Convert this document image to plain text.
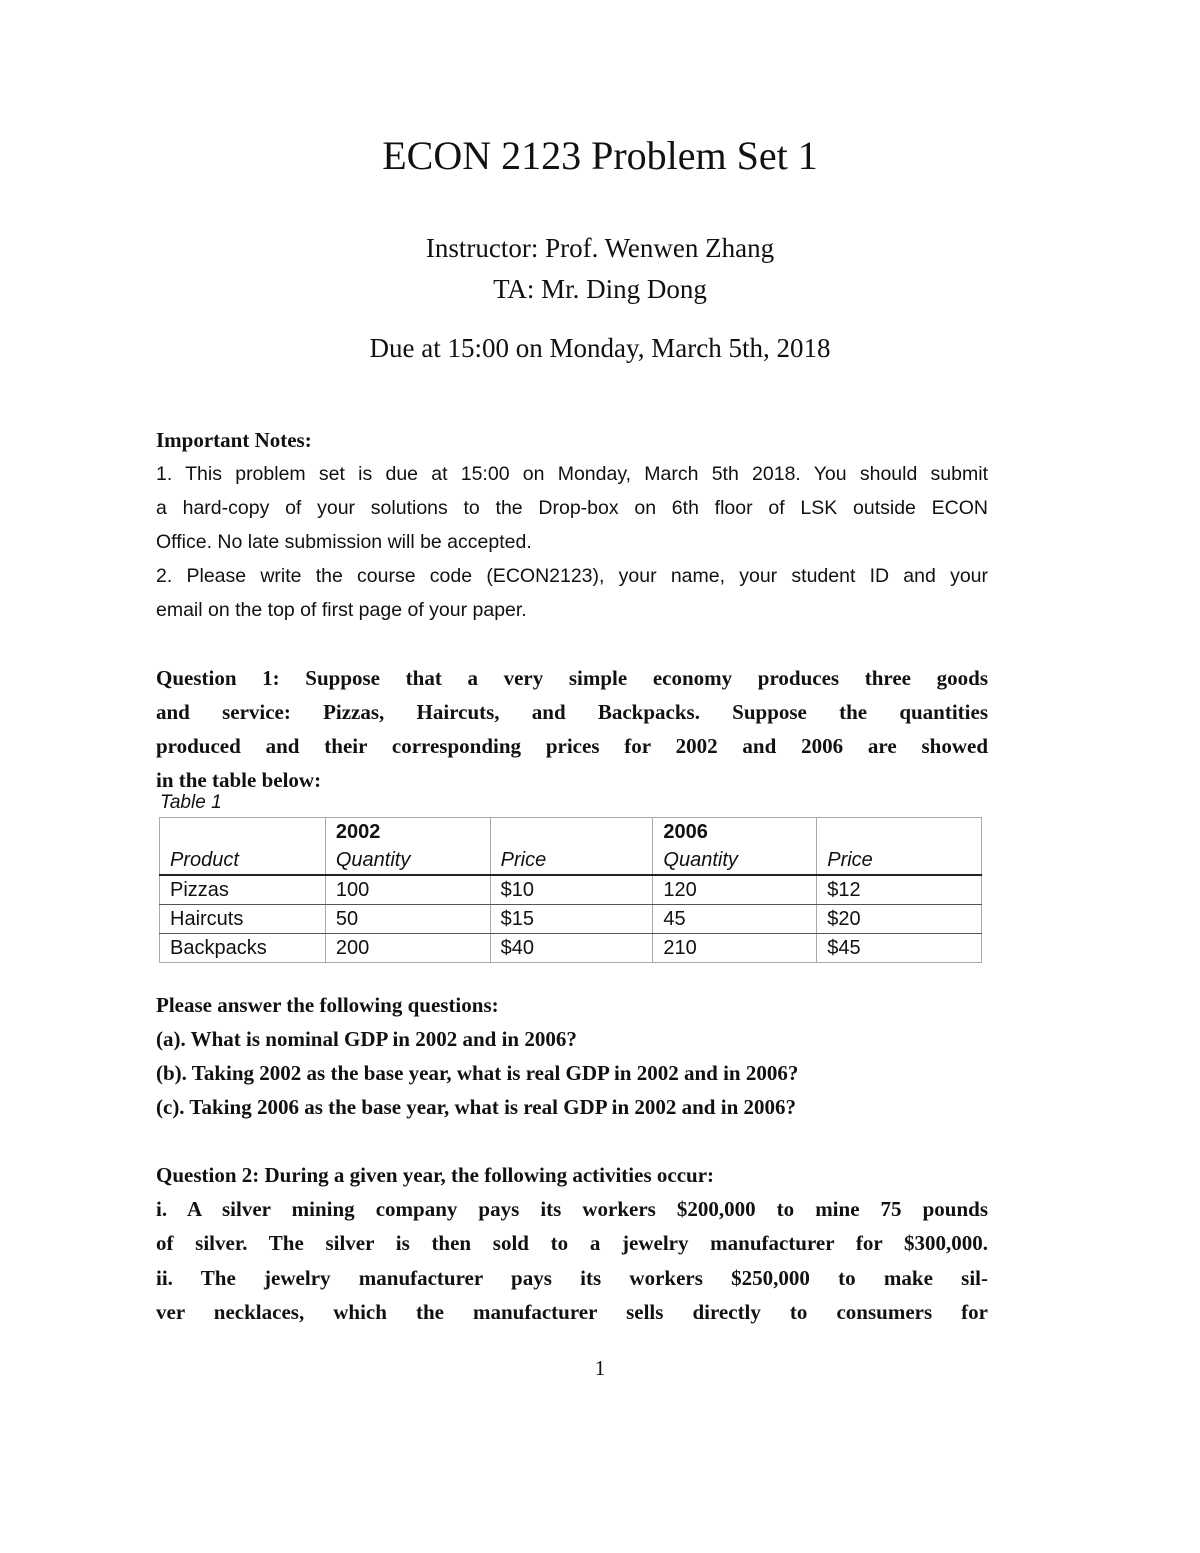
ECON 2123 Problem Set 1
Instructor: Prof. Wenwen Zhang
TA: Mr. Ding Dong
Due at 15:00 on Monday, March 5th, 2018
Important Notes:
1. This problem set is due at 15:00 on Monday, March 5th 2018. You should submit
a hard-copy of your solutions to the Drop-box on 6th floor of LSK outside ECON
Office. No late submission will be accepted.
2. Please write the course code (ECON2123), your name, your student ID and your
email on the top of first page of your paper.
Question 1: Suppose that a very simple economy produces three goods
and service: Pizzas, Haircuts, and Backpacks. Suppose the quantities
produced and their corresponding prices for 2002 and 2006 are showed
in the table below:
Table 1
	2002		2006	
Product	Quantity	Price	Quantity	Price
Pizzas	100	$10	120	$12
Haircuts	50	$15	45	$20
Backpacks	200	$40	210	$45
Please answer the following questions:
(a). What is nominal GDP in 2002 and in 2006?
(b). Taking 2002 as the base year, what is real GDP in 2002 and in 2006?
(c). Taking 2006 as the base year, what is real GDP in 2002 and in 2006?
Question 2: During a given year, the following activities occur:
i. A silver mining company pays its workers $200,000 to mine 75 pounds
of silver. The silver is then sold to a jewelry manufacturer for $300,000.
ii. The jewelry manufacturer pays its workers $250,000 to make sil-
ver necklaces, which the manufacturer sells directly to consumers for
1
